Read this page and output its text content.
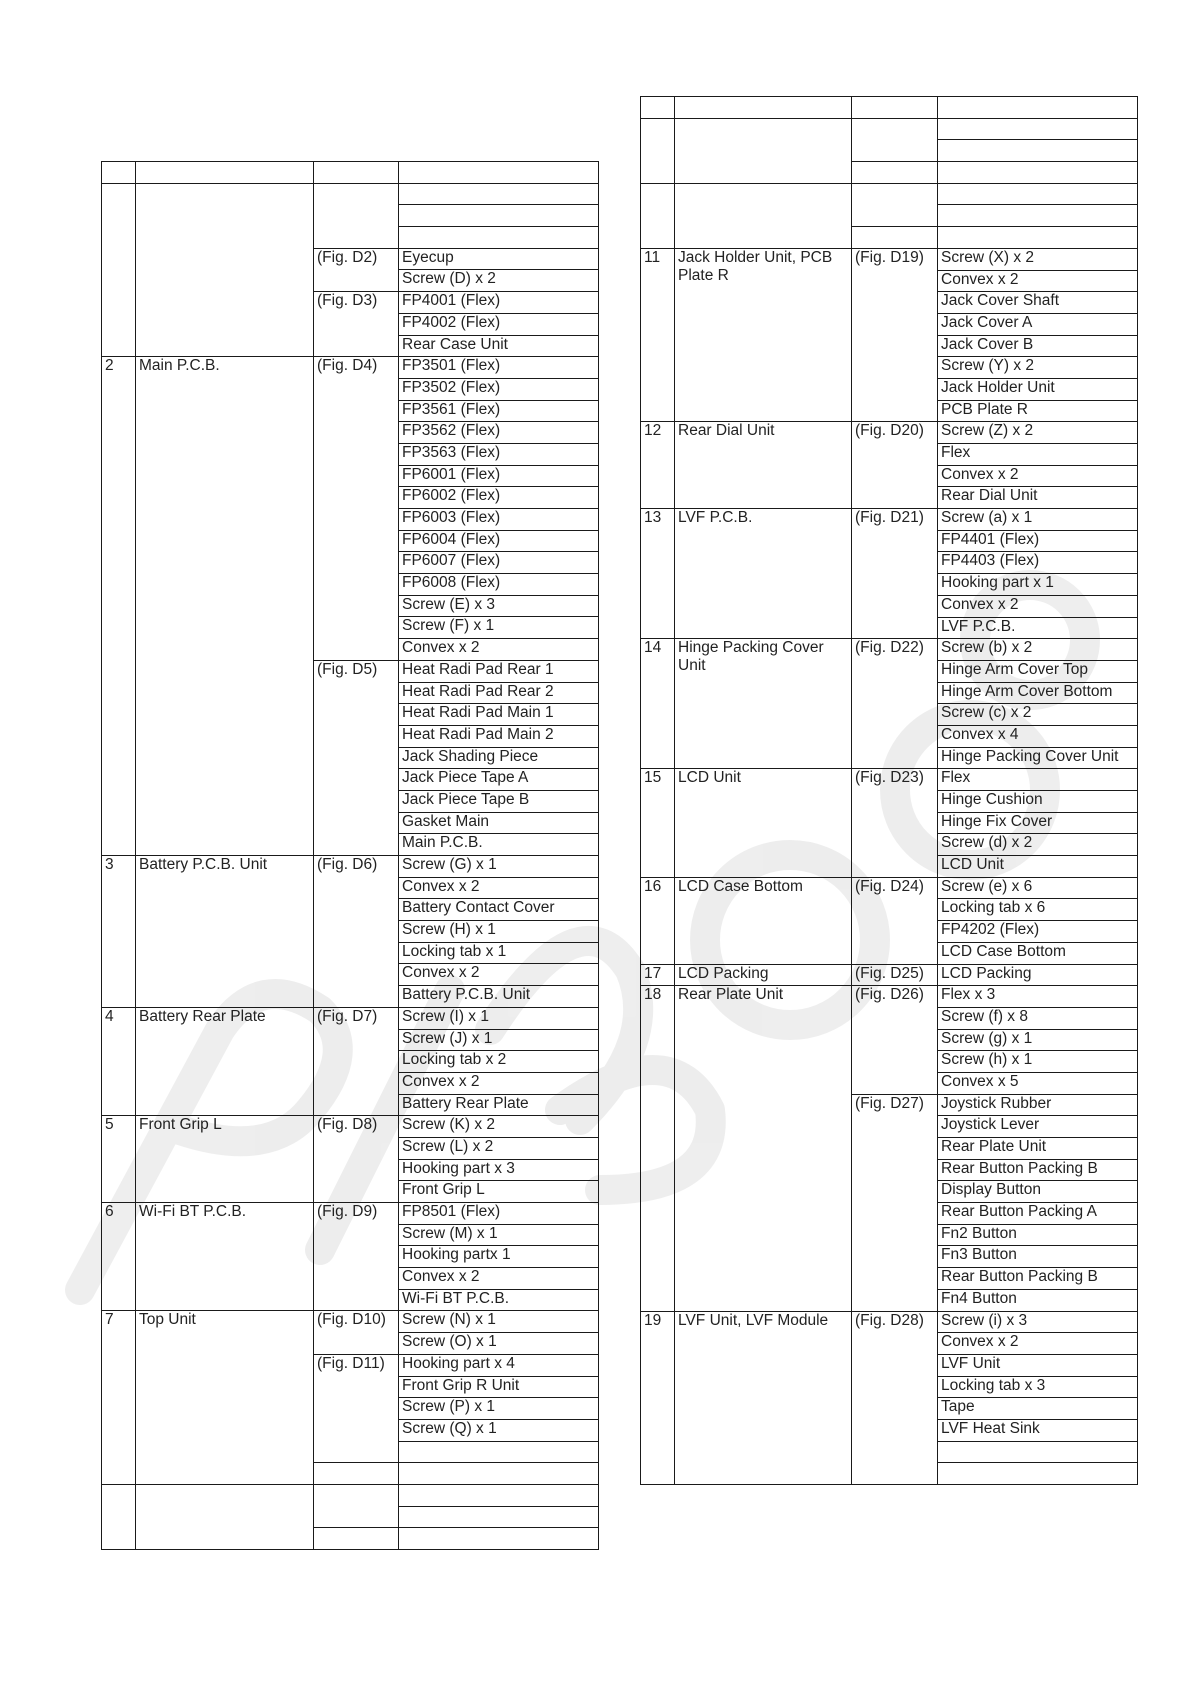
		(Fig. D2)	Eyecup
			Screw (D) x 2
		(Fig. D3)	FP4001 (Flex)
			FP4002 (Flex)
			Rear Case Unit
2	Main P.C.B.	(Fig. D4)	FP3501 (Flex)
			FP3502 (Flex)
			FP3561 (Flex)
			FP3562 (Flex)
			FP3563 (Flex)
			FP6001 (Flex)
			FP6002 (Flex)
			FP6003 (Flex)
			FP6004 (Flex)
			FP6007 (Flex)
			FP6008 (Flex)
			Screw (E) x 3
			Screw (F) x 1
			Convex x 2
		(Fig. D5)	Heat Radi Pad Rear 1
			Heat Radi Pad Rear 2
			Heat Radi Pad Main 1
			Heat Radi Pad Main 2
			Jack Shading Piece
			Jack Piece Tape A
			Jack Piece Tape B
			Gasket Main
			Main P.C.B.
3	Battery P.C.B. Unit	(Fig. D6)	Screw (G) x 1
			Convex x 2
			Battery Contact Cover
			Screw (H) x 1
			Locking tab x 1
			Convex x 2
			Battery P.C.B. Unit
4	Battery Rear Plate	(Fig. D7)	Screw (I) x 1
			Screw (J) x 1
			Locking tab x 2
			Convex x 2
			Battery Rear Plate
5	Front Grip L	(Fig. D8)	Screw (K) x 2
			Screw (L) x 2
			Hooking part x 3
			Front Grip L
6	Wi-Fi BT P.C.B.	(Fig. D9)	FP8501 (Flex)
			Screw (M) x 1
			Hooking partx 1
			Convex x 2
			Wi-Fi BT P.C.B.
7	Top Unit	(Fig. D10)	Screw (N) x 1
			Screw (O) x 1
		(Fig. D11)	Hooking part x 4
			Front Grip R Unit
			Screw (P) x 1
			Screw (Q) x 1

11	Jack Holder Unit, PCB Plate R	(Fig. D19)	Screw (X) x 2
			Convex x 2
			Jack Cover Shaft
			Jack Cover A
			Jack Cover B
			Screw (Y) x 2
			Jack Holder Unit
			PCB Plate R
12	Rear Dial Unit	(Fig. D20)	Screw (Z) x 2
			Flex
			Convex x 2
			Rear Dial Unit
13	LVF P.C.B.	(Fig. D21)	Screw (a) x 1
			FP4401 (Flex)
			FP4403 (Flex)
			Hooking part x 1
			Convex x 2
			LVF P.C.B.
14	Hinge Packing Cover Unit	(Fig. D22)	Screw (b) x 2
			Hinge Arm Cover Top
			Hinge Arm Cover Bottom
			Screw (c) x 2
			Convex x 4
			Hinge Packing Cover Unit
15	LCD Unit	(Fig. D23)	Flex
			Hinge Cushion
			Hinge Fix Cover
			Screw (d) x 2
			LCD Unit
16	LCD Case Bottom	(Fig. D24)	Screw (e) x 6
			Locking tab x 6
			FP4202 (Flex)
			LCD Case Bottom
17	LCD Packing	(Fig. D25)	LCD Packing
18	Rear Plate Unit	(Fig. D26)	Flex x 3
			Screw (f) x 8
			Screw (g) x 1
			Screw (h) x 1
			Convex x 5
		(Fig. D27)	Joystick Rubber
			Joystick Lever
			Rear Plate Unit
			Rear Button Packing B
			Display Button
			Rear Button Packing A
			Fn2 Button
			Fn3 Button
			Rear Button Packing B
			Fn4 Button
19	LVF Unit, LVF Module	(Fig. D28)	Screw (i) x 3
			Convex x 2
			LVF Unit
			Locking tab x 3
			Tape
			LVF Heat Sink
